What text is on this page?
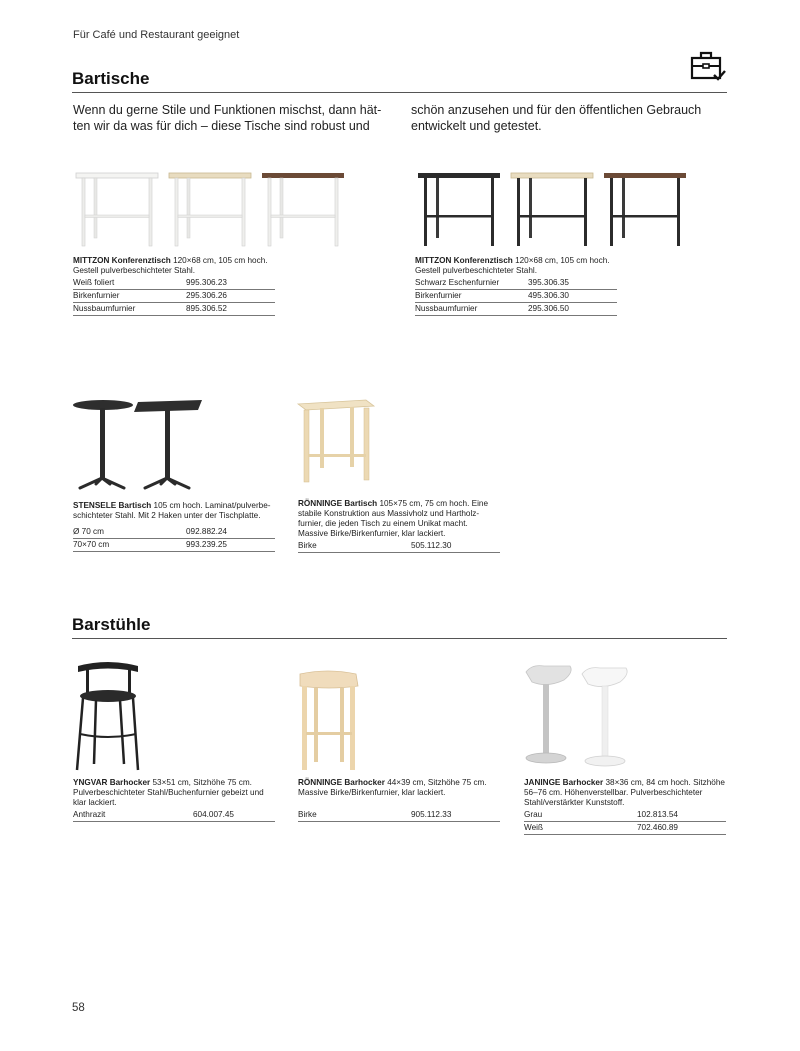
Für Café und Restaurant geeignet
Bartische
Wenn du gerne Stile und Funktionen mischst, dann hät-
ten wir da was für dich – diese Tische sind robust und
schön anzusehen und für den öffentlichen Gebrauch
entwickelt und getestet.
MITTZON Konferenztisch 120×68 cm, 105 cm hoch.
Gestell pulverbeschichteter Stahl.
Weiß foliert	995.306.23
Birkenfurnier	295.306.26
Nussbaumfurnier	895.306.52
MITTZON Konferenztisch 120×68 cm, 105 cm hoch.
Gestell pulverbeschichteter Stahl.
Schwarz Eschenfurnier	395.306.35
Birkenfurnier	495.306.30
Nussbaumfurnier	295.306.50
STENSELE Bartisch 105 cm hoch. Laminat/pulverbe-
schichteter Stahl. Mit 2 Haken unter der Tischplatte.
Ø 70 cm	092.882.24
70×70 cm	993.239.25
RÖNNINGE Bartisch 105×75 cm, 75 cm hoch. Eine
stabile Konstruktion aus Massivholz und Hartholz-
furnier, die jeden Tisch zu einem Unikat macht.
Massive Birke/Birkenfurnier, klar lackiert.
Birke	505.112.30
Barstühle
YNGVAR Barhocker 53×51 cm, Sitzhöhe 75 cm.
Pulverbeschichteter Stahl/Buchenfurnier gebeizt und
klar lackiert.
Anthrazit	604.007.45
RÖNNINGE Barhocker 44×39 cm, Sitzhöhe 75 cm.
Massive Birke/Birkenfurnier, klar lackiert.
Birke	905.112.33
JANINGE Barhocker 38×36 cm, 84 cm hoch. Sitzhöhe
56–76 cm. Höhenverstellbar. Pulverbeschichteter
Stahl/verstärkter Kunststoff.
Grau	102.813.54
Weiß	702.460.89
58
